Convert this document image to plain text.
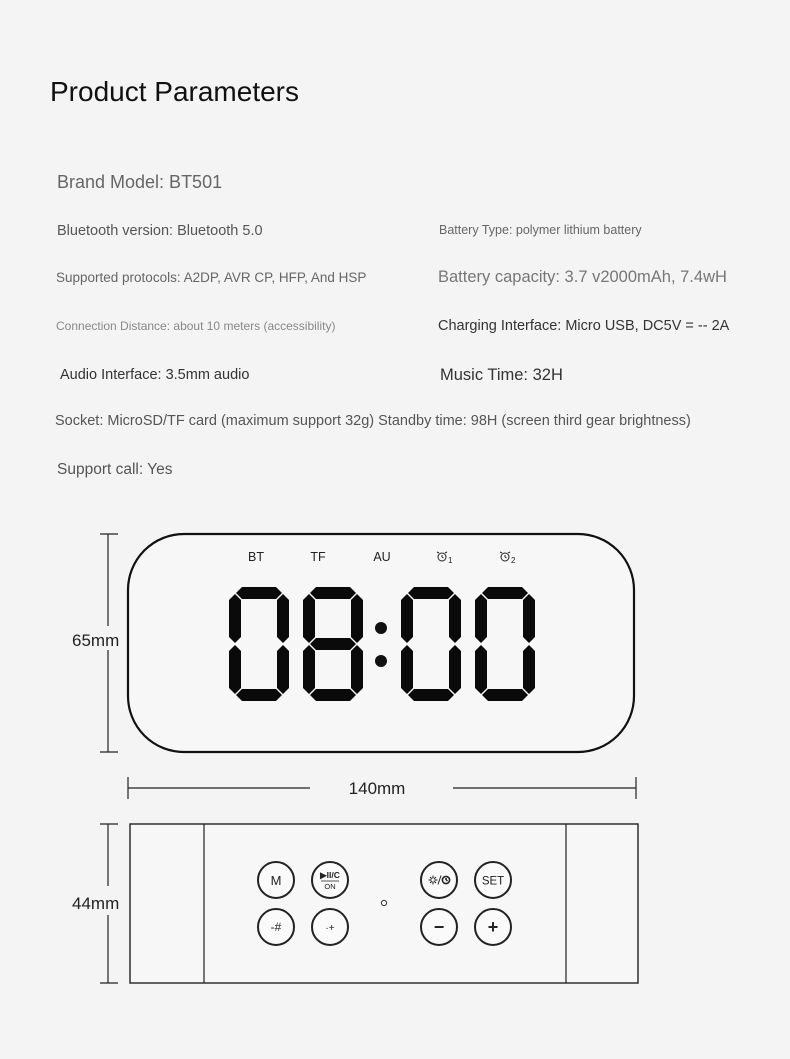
Product Parameters
Brand Model: BT501
Bluetooth version: Bluetooth 5.0	Battery Type: polymer lithium battery
Supported protocols: A2DP, AVR CP, HFP, And HSP	Battery capacity: 3.7 v2000mAh, 7.4wH
Connection Distance: about 10 meters (accessibility)	Charging Interface: Micro USB, DC5V = -- 2A
Audio Interface: 3.5mm audio	Music Time: 32H
Socket: MicroSD/TF card (maximum support 32g) Standby time: 98H (screen third gear brightness)
Support call: Yes
65mm
BT	TF	AU	1	2
140mm
44mm
M	▶II/C
ON	SET
-#	·+	− +
